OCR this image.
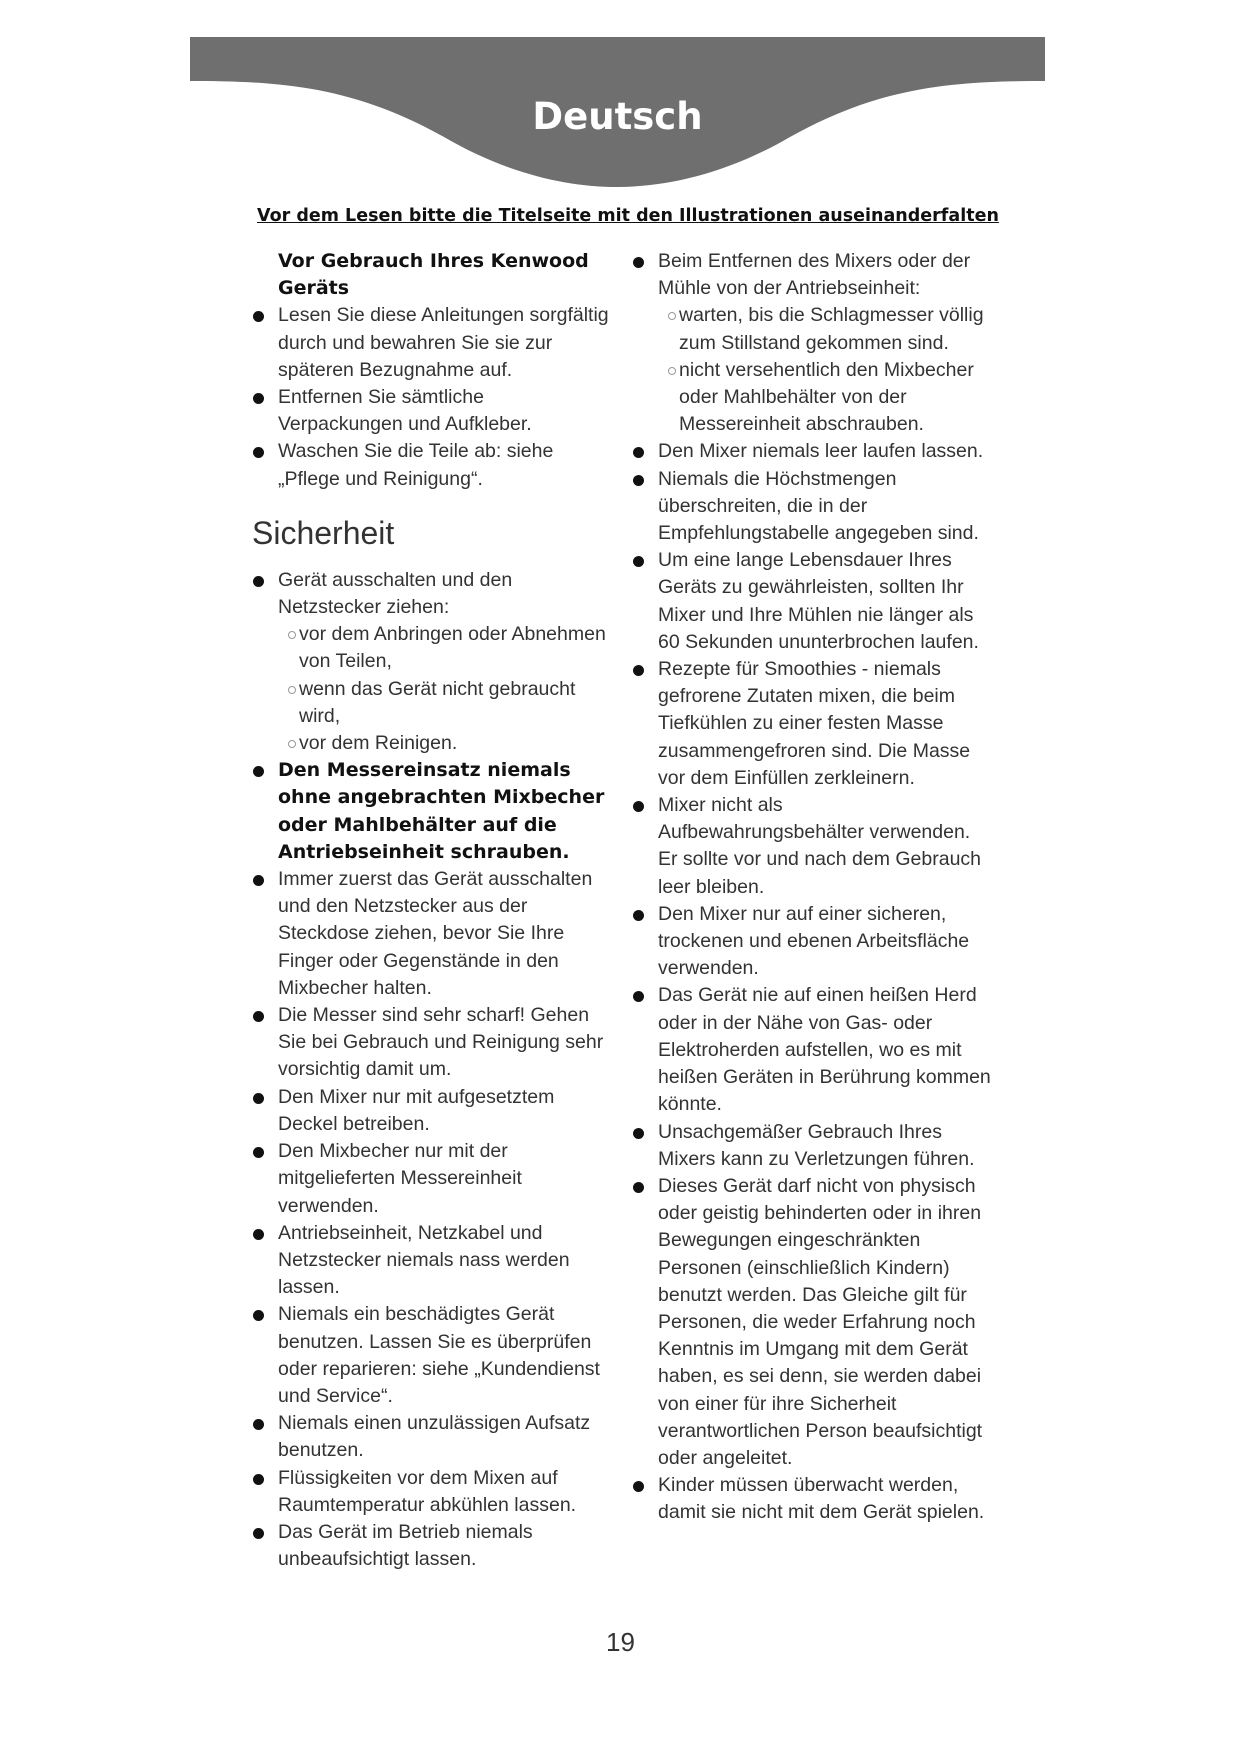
Deutsch
Vor dem Lesen bitte die Titelseite mit den Illustrationen auseinanderfalten
Vor Gebrauch Ihres Kenwood Geräts
Lesen Sie diese Anleitungen sorgfältig durch und bewahren Sie sie zur späteren Bezugnahme auf.
Entfernen Sie sämtliche Verpackungen und Aufkleber.
Waschen Sie die Teile ab: siehe „Pflege und Reinigung“.
Sicherheit
Gerät ausschalten und den Netzstecker ziehen:
vor dem Anbringen oder Abnehmen von Teilen,
wenn das Gerät nicht gebraucht wird,
vor dem Reinigen.
Den Messereinsatz niemals ohne angebrachten Mixbecher oder Mahlbehälter auf die Antriebseinheit schrauben.
Immer zuerst das Gerät ausschalten und den Netzstecker aus der Steckdose ziehen, bevor Sie Ihre Finger oder Gegenstände in den Mixbecher halten.
Die Messer sind sehr scharf! Gehen Sie bei Gebrauch und Reinigung sehr vorsichtig damit um.
Den Mixer nur mit aufgesetztem Deckel betreiben.
Den Mixbecher nur mit der mitgelieferten Messereinheit verwenden.
Antriebseinheit, Netzkabel und Netzstecker niemals nass werden lassen.
Niemals ein beschädigtes Gerät benutzen. Lassen Sie es überprüfen oder reparieren: siehe „Kundendienst und Service“.
Niemals einen unzulässigen Aufsatz benutzen.
Flüssigkeiten vor dem Mixen auf Raumtemperatur abkühlen lassen.
Das Gerät im Betrieb niemals unbeaufsichtigt lassen.
Beim Entfernen des Mixers oder der Mühle von der Antriebseinheit:
warten, bis die Schlagmesser völlig zum Stillstand gekommen sind.
nicht versehentlich den Mixbecher oder Mahlbehälter von der Messereinheit abschrauben.
Den Mixer niemals leer laufen lassen.
Niemals die Höchstmengen überschreiten, die in der Empfehlungstabelle angegeben sind.
Um eine lange Lebensdauer Ihres Geräts zu gewährleisten, sollten Ihr Mixer und Ihre Mühlen nie länger als 60 Sekunden ununterbrochen laufen.
Rezepte für Smoothies - niemals gefrorene Zutaten mixen, die beim Tiefkühlen zu einer festen Masse zusammengefroren sind. Die Masse vor dem Einfüllen zerkleinern.
Mixer nicht als Aufbewahrungsbehälter verwenden. Er sollte vor und nach dem Gebrauch leer bleiben.
Den Mixer nur auf einer sicheren, trockenen und ebenen Arbeitsfläche verwenden.
Das Gerät nie auf einen heißen Herd oder in der Nähe von Gas- oder Elektroherden aufstellen, wo es mit heißen Geräten in Berührung kommen könnte.
Unsachgemäßer Gebrauch Ihres Mixers kann zu Verletzungen führen.
Dieses Gerät darf nicht von physisch oder geistig behinderten oder in ihren Bewegungen eingeschränkten Personen (einschließlich Kindern) benutzt werden. Das Gleiche gilt für Personen, die weder Erfahrung noch Kenntnis im Umgang mit dem Gerät haben, es sei denn, sie werden dabei von einer für ihre Sicherheit verantwortlichen Person beaufsichtigt oder angeleitet.
Kinder müssen überwacht werden, damit sie nicht mit dem Gerät spielen.
19
